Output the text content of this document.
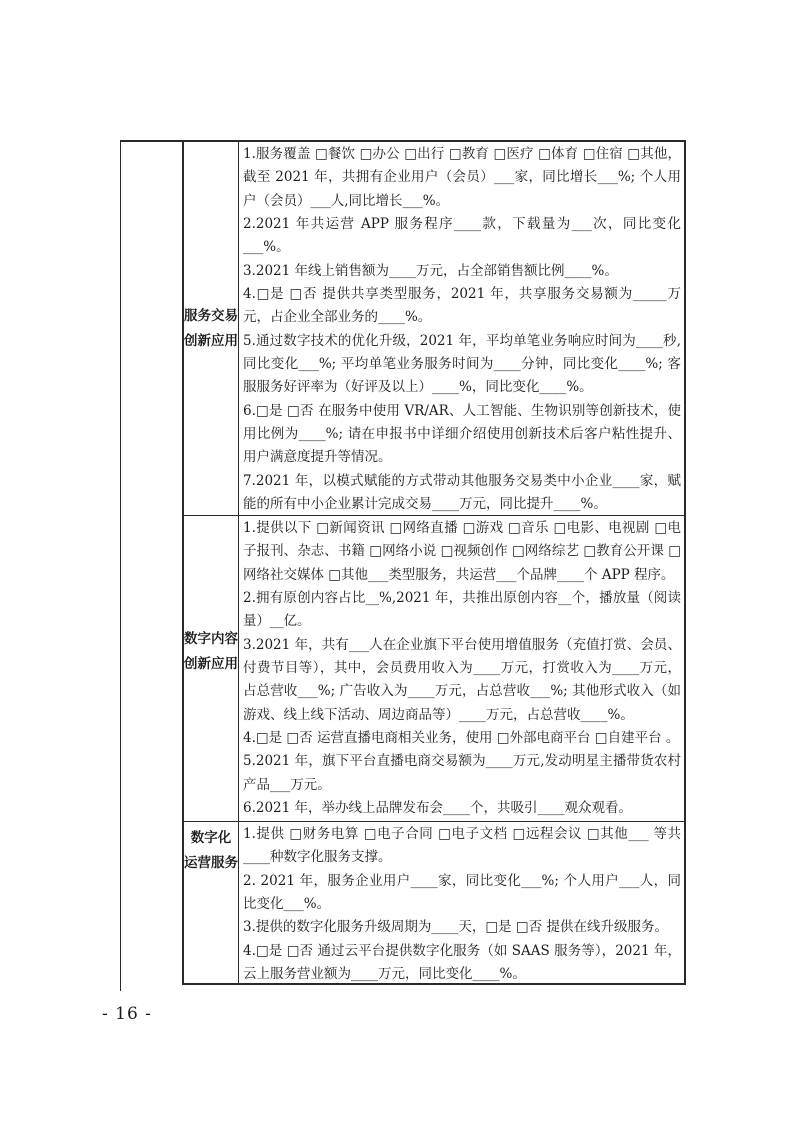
服务交易
创新应用

1.服务覆盖 □餐饮 □办公 □出行 □教育 □医疗 □体育 □住宿 □其他，截至 2021 年，共拥有企业用户（会员）___家，同比增长___%; 个人用户（会员）___人,同比增长___%。

2.2021 年共运营 APP 服务程序____款，下载量为___次，同比变化___%。

3.2021 年线上销售额为____万元，占全部销售额比例____%。

4.□是 □否 提供共享类型服务，2021 年，共享服务交易额为_____万元，占企业全部业务的____%。

5.通过数字技术的优化升级，2021 年，平均单笔业务响应时间为____秒,同比变化___%; 平均单笔业务服务时间为____分钟，同比变化____%; 客服服务好评率为（好评及以上）____%，同比变化____%。

6.□是 □否 在服务中使用 VR/AR、人工智能、生物识别等创新技术，使用比例为____%; 请在申报书中详细介绍使用创新技术后客户粘性提升、用户满意度提升等情况。

7.2021 年，以模式赋能的方式带动其他服务交易类中小企业____家，赋能的所有中小企业累计完成交易____万元，同比提升____%。

数字内容
创新应用

1.提供以下 □新闻资讯 □网络直播 □游戏 □音乐 □电影、电视剧 □电子报刊、杂志、书籍 □网络小说 □视频创作 □网络综艺 □教育公开课 □网络社交媒体 □其他___类型服务，共运营___个品牌____个 APP 程序。

2.拥有原创内容占比__%,2021 年，共推出原创内容__个，播放量（阅读量）__亿。

3.2021 年，共有___人在企业旗下平台使用增值服务（充值打赏、会员、付费节目等），其中，会员费用收入为____万元，打赏收入为____万元，占总营收___%; 广告收入为____万元，占总营收___%; 其他形式收入（如游戏、线上线下活动、周边商品等）____万元，占总营收____%。

4.□是 □否 运营直播电商相关业务，使用 □外部电商平台 □自建平台 。

5.2021 年，旗下平台直播电商交易额为____万元,发动明星主播带货农村产品___万元。

6.2021 年，举办线上品牌发布会____个，共吸引____观众观看。

数字化
运营服务

1.提供 □财务电算 □电子合同 □电子文档 □远程会议 □其他___ 等共____种数字化服务支撑。

2. 2021 年，服务企业用户____家，同比变化___%; 个人用户___人，同比变化___%。

3.提供的数字化服务升级周期为____天，□是 □否 提供在线升级服务。

4.□是 □否 通过云平台提供数字化服务（如 SAAS 服务等），2021 年，云上服务营业额为____万元，同比变化____%。

- 16 -
